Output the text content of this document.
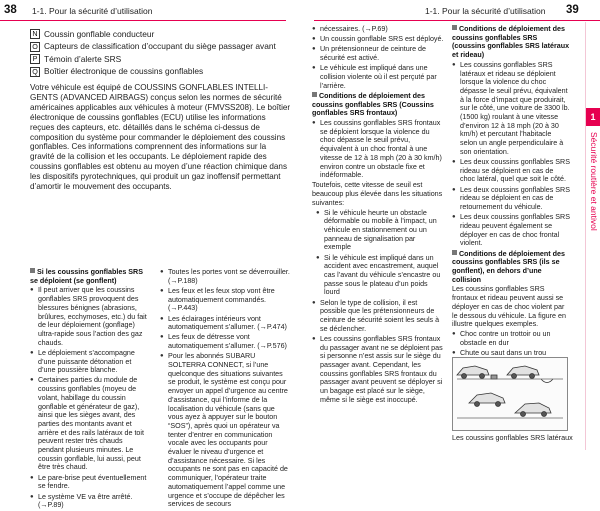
38 1-1. Pour la sécurité d’utilisation	1-1. Pour la sécurité d’utilisation 39
1
Sécurité routière et antivol
N Coussin gonflable conducteur
O Capteurs de classification d’occupant du siège passager avant
P Témoin d’alerte SRS
Q Boîtier électronique de coussins gonflables
Votre véhicule est équipé de COUSSINS GONFLABLES INTELLI-GENTS (ADVANCED AIRBAGS) conçus selon les normes de sécurité américaines applicables aux véhicules à moteur (FMVSS208). Le boîtier électronique de coussins gonflables (ECU) utilise les informations reçues des capteurs, etc. détaillés dans le schéma ci-dessus de composition du système pour commander le déploiement des coussins gonflables. Ces informations comprennent des informations sur la gravité de la collision et les occupants. Le déploiement rapide des coussins gonflables est obtenu au moyen d’une réaction chimique dans les dispositifs pyrotechniques, qui produit un gaz inoffensif permettant d’amortir le mouvement des occupants.

Si les coussins gonflables SRS se déploient (se gonflent)

● Il peut arriver que les coussins gonflables SRS provoquent des blessures bénignes (abrasions, brûlures, ecchymoses, etc.) du fait de leur déploiement (gonflage) ultra-rapide sous l’action des gaz chauds.
● Le déploiement s’accompagne d’une puissante détonation et d’une poussière blanche.
● Certaines parties du module de coussins gonflables (moyeu de volant, habillage du coussin gonflable et générateur de gaz), ainsi que les sièges avant, des parties des montants avant et arrière et des rails latéraux de toit peuvent rester très chauds pendant plusieurs minutes. Le coussin gonflable, lui aussi, peut être très chaud.
● Le pare-brise peut éventuellement se fendre.
● Le système VE va être arrêté. (→P.89)
● Toutes les portes vont se déverrouiller. (→P.188)
● Les feux et les feux stop vont être automatiquement commandés. (→P.443)
● Les éclairages intérieurs vont automatiquement s’allumer. (→P.474)
● Les feux de détresse vont automatiquement s’allumer. (→P.576)
● Pour les abonnés SUBARU SOLTERRA CONNECT, si l’une quelconque des situations suivantes se produit, le système est conçu pour envoyer un appel d’urgence au centre d’assistance, qui l’informe de la localisation du véhicule (sans que vous ayez à appuyer sur le bouton “SOS”), après quoi un opérateur va tenter d’entrer en communication vocale avec les occupants pour évaluer le niveau d’urgence et d’assistance nécessaire. Si les occupants ne sont pas en capacité de communiquer, l’opérateur traite automatiquement l’appel comme une urgence et s’occupe de dépêcher les services de secours
● nécessaires. (→P.69)
● Un coussin gonflable SRS est déployé.
● Un prétensionneur de ceinture de sécurité est activé.
● Le véhicule est impliqué dans une collision violente où il est perçuté par l’arrière.

Conditions de déploiement des coussins gonflables SRS (Coussins gonflables SRS frontaux)

● Les coussins gonflables SRS frontaux se déploient lorsque la violence du choc dépasse le seuil prévu, équivalent à un choc frontal à une vitesse de 12 à 18 mph (20 à 30 km/h) environ contre un obstacle fixe et indéformable.

Toutefois, cette vitesse de seuil est beaucoup plus élevée dans les situations suivantes:

● Si le véhicule heurte un obstacle déformable ou mobile à l’impact, un véhicule en stationnement ou un panneau de signalisation par exemple
● Si le véhicule est impliqué dans un accident avec encastrement, auquel cas l’avant du véhicule s’encastre ou passe sous le plateau d’un poids lourd
● Selon le type de collision, il est possible que les prétensionneurs de ceinture de sécurité soient les seuls à se déclencher.
● Les coussins gonflables SRS frontaux du passager avant ne se déploient pas si personne n’est assis sur le siège du passager avant. Cependant, les coussins gonflables SRS frontaux du passager avant peuvent se déployer si un bagage est placé sur le siège, même si le siège est inoccupé.

Conditions de déploiement des coussins gonflables SRS (coussins gonflables SRS latéraux et rideau)

● Les coussins gonflables SRS latéraux et rideau se déploient lorsque la violence du choc dépasse le seuil prévu, équivalent à la force d’impact que produirait, sur le côté, une voiture de 3300 lb. (1500 kg) roulant à une vitesse d’environ 12 à 18 mph (20 à 30 km/h) et percutant l’habitacle selon un angle perpendiculaire à son orientation.
● Les deux coussins gonflables SRS rideau se déploient en cas de choc latéral, quel que soit le côté.
● Les deux coussins gonflables SRS rideau se déploient en cas de retournement du véhicule.
● Les deux coussins gonflables SRS rideau peuvent également se déployer en cas de choc frontal violent.

Conditions de déploiement des coussins gonflables SRS (ils se gonflent), en dehors d’une collision

Les coussins gonflables SRS frontaux et rideau peuvent aussi se déployer en cas de choc violent par le dessous du véhicule. La figure en illustre quelques exemples.

● Choc contre un trottoir ou un obstacle en dur
● Chute ou saut dans un trou
●
Les coussins gonflables SRS latéraux
